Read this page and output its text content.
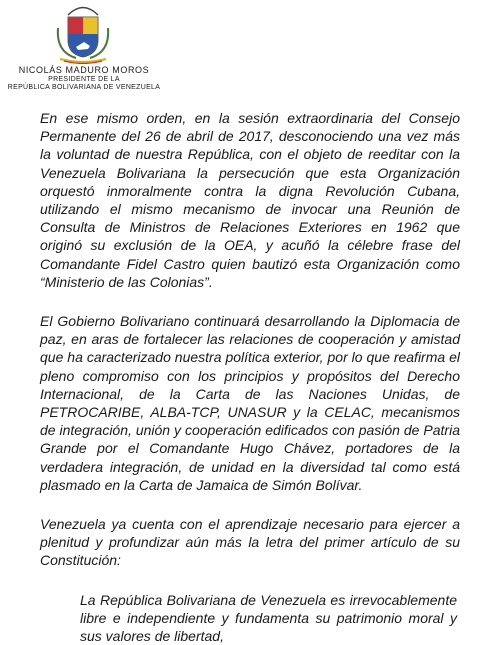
NICOLÁS MADURO MOROS
PRESIDENTE DE LA
REPÚBLICA BOLIVARIANA DE VENEZUELA

En ese mismo orden, en la sesión extraordinaria del Consejo Permanente del 26 de abril de 2017, desconociendo una vez más la voluntad de nuestra República, con el objeto de reeditar con la Venezuela Bolivariana la persecución que esta Organización orquestó inmoralmente contra la digna Revolución Cubana, utilizando el mismo mecanismo de invocar una Reunión de Consulta de Ministros de Relaciones Exteriores en 1962 que originó su exclusión de la OEA, y acuñó la célebre frase del Comandante Fidel Castro quien bautizó esta Organización como “Ministerio de las Colonias”.

El Gobierno Bolivariano continuará desarrollando la Diplomacia de paz, en aras de fortalecer las relaciones de cooperación y amistad que ha caracterizado nuestra política exterior, por lo que reafirma el pleno compromiso con los principios y propósitos del Derecho Internacional, de la Carta de las Naciones Unidas, de PETROCARIBE, ALBA-TCP, UNASUR y la CELAC, mecanismos de integración, unión y cooperación edificados con pasión de Patria Grande por el Comandante Hugo Chávez, portadores de la verdadera integración, de unidad en la diversidad tal como está plasmado en la Carta de Jamaica de Simón Bolívar.

Venezuela ya cuenta con el aprendizaje necesario para ejercer a plenitud y profundizar aún más la letra del primer artículo de su Constitución:

La República Bolivariana de Venezuela es irrevocablemente libre e independiente y fundamenta su patrimonio moral y sus valores de libertad,
